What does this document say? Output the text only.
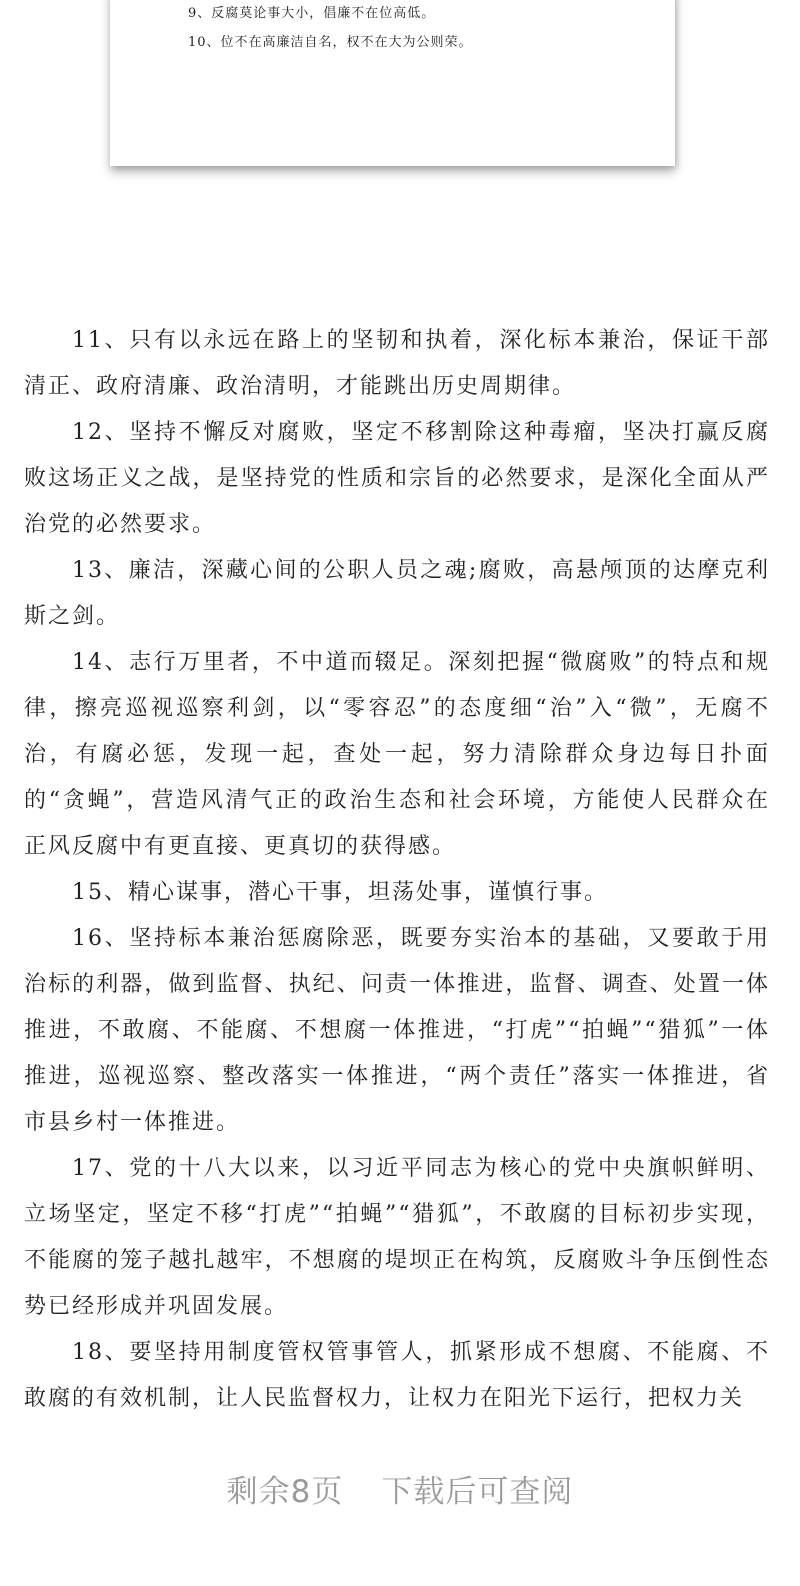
9、反腐莫论事大小，倡廉不在位高低。
10、位不在高廉洁自名，权不在大为公则荣。

11、只有以永远在路上的坚韧和执着，深化标本兼治，保证干部清正、政府清廉、政治清明，才能跳出历史周期律。

12、坚持不懈反对腐败，坚定不移割除这种毒瘤，坚决打赢反腐败这场正义之战，是坚持党的性质和宗旨的必然要求，是深化全面从严治党的必然要求。

13、廉洁，深藏心间的公职人员之魂;腐败，高悬颅顶的达摩克利斯之剑。

14、志行万里者，不中道而辍足。深刻把握“微腐败”的特点和规律，擦亮巡视巡察利剑，以“零容忍”的态度细“治”入“微”，无腐不治，有腐必惩，发现一起，查处一起，努力清除群众身边每日扑面的“贪蝇”，营造风清气正的政治生态和社会环境，方能使人民群众在正风反腐中有更直接、更真切的获得感。

15、精心谋事，潜心干事，坦荡处事，谨慎行事。

16、坚持标本兼治惩腐除恶，既要夯实治本的基础，又要敢于用治标的利器，做到监督、执纪、问责一体推进，监督、调查、处置一体推进，不敢腐、不能腐、不想腐一体推进，“打虎”“拍蝇”“猎狐”一体推进，巡视巡察、整改落实一体推进，“两个责任”落实一体推进，省市县乡村一体推进。

17、党的十八大以来，以习近平同志为核心的党中央旗帜鲜明、立场坚定，坚定不移“打虎”“拍蝇”“猎狐”，不敢腐的目标初步实现，不能腐的笼子越扎越牢，不想腐的堤坝正在构筑，反腐败斗争压倒性态势已经形成并巩固发展。

18、要坚持用制度管权管事管人，抓紧形成不想腐、不能腐、不敢腐的有效机制，让人民监督权力，让权力在阳光下运行，把权力关

剩余8页 下载后可查阅
